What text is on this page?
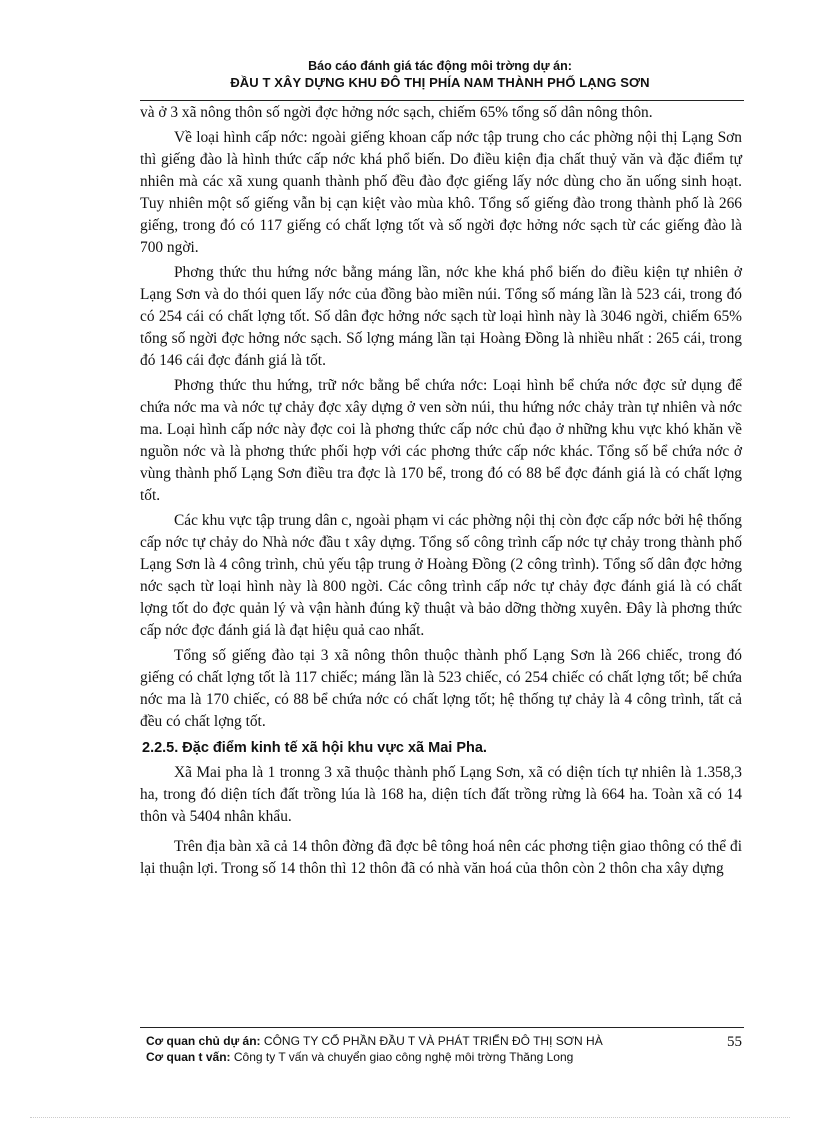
Báo cáo đánh giá tác động môi trờng dự án:
ĐẦU T XÂY DỰNG KHU ĐÔ THỊ PHÍA NAM THÀNH PHỐ LẠNG SƠN

và ở 3 xã nông thôn số ngời đợc hởng nớc sạch, chiếm 65% tổng số dân nông thôn.

Về loại hình cấp nớc: ngoài giếng khoan cấp nớc tập trung cho các phờng nội thị Lạng Sơn thì giếng đào là hình thức cấp nớc khá phổ biến. Do điều kiện địa chất thuỷ văn và đặc điểm tự nhiên mà các xã xung quanh thành phố đều đào đợc giếng lấy nớc dùng cho ăn uống sinh hoạt. Tuy nhiên một số giếng vẫn bị cạn kiệt vào mùa khô. Tổng số giếng đào trong thành phố là 266 giếng, trong đó có 117 giếng có chất lợng tốt và số ngời đợc hởng nớc sạch từ các giếng đào là 700 ngời.

Phơng thức thu hứng nớc bằng máng lần, nớc khe khá phổ biến do điều kiện tự nhiên ở Lạng Sơn và do thói quen lấy nớc của đồng bào miền núi. Tổng số máng lần là 523 cái, trong đó có 254 cái có chất lợng tốt. Số dân đợc hởng nớc sạch từ loại hình này là 3046 ngời, chiếm 65% tổng số ngời đợc hởng nớc sạch. Số lợng máng lần tại Hoàng Đồng là nhiều nhất : 265 cái, trong đó 146 cái đợc đánh giá là tốt.

Phơng thức thu hứng, trữ nớc bằng bể chứa nớc: Loại hình bể chứa nớc đợc sử dụng để chứa nớc ma và nớc tự chảy đợc xây dựng ở ven sờn núi, thu hứng nớc chảy tràn tự nhiên và nớc ma. Loại hình cấp nớc này đợc coi là phơng thức cấp nớc chủ đạo ở những khu vực khó khăn về nguồn nớc và là phơng thức phối hợp với các phơng thức cấp nớc khác. Tổng số bể chứa nớc ở vùng thành phố Lạng Sơn điều tra đợc là 170 bể, trong đó có 88 bể đợc đánh giá là có chất lợng tốt.

Các khu vực tập trung dân c, ngoài phạm vi các phờng nội thị còn đợc cấp nớc bởi hệ thống cấp nớc tự chảy do Nhà nớc đầu t xây dựng. Tổng số công trình cấp nớc tự chảy trong thành phố Lạng Sơn là 4 công trình, chủ yếu tập trung ở Hoàng Đồng (2 công trình). Tổng số dân đợc hởng nớc sạch từ loại hình này là 800 ngời. Các công trình cấp nớc tự chảy đợc đánh giá là có chất lợng tốt do đợc quản lý và vận hành đúng kỹ thuật và bảo dỡng thờng xuyên. Đây là phơng thức cấp nớc đợc đánh giá là đạt hiệu quả cao nhất.

Tổng số giếng đào tại 3 xã nông thôn thuộc thành phố Lạng Sơn là 266 chiếc, trong đó giếng có chất lợng tốt là 117 chiếc; máng lần là 523 chiếc, có 254 chiếc có chất lợng tốt; bể chứa nớc ma là 170 chiếc, có 88 bể chứa nớc có chất lợng tốt; hệ thống tự chảy là 4 công trình, tất cả đều có chất lợng tốt.

2.2.5. Đặc điểm kinh tế xã hội khu vực xã Mai Pha.

Xã Mai pha là 1 tronng 3 xã thuộc thành phố Lạng Sơn, xã có diện tích tự nhiên là 1.358,3 ha, trong đó diện tích đất trồng lúa là 168 ha, diện tích đất trồng rừng là 664 ha. Toàn xã có 14 thôn và 5404 nhân khẩu.

Trên địa bàn xã cả 14 thôn đờng đã đợc bê tông hoá nên các phơng tiện giao thông có thể đi lại thuận lợi. Trong số 14 thôn thì 12 thôn đã có nhà văn hoá của thôn còn 2 thôn cha xây dựng

Cơ quan chủ dự án: CÔNG TY CỔ PHẦN ĐẦU T VÀ PHÁT TRIỂN ĐÔ THỊ SƠN HÀ
Cơ quan t vấn: Công ty T vấn và chuyển giao công nghệ môi trờng Thăng Long
55
